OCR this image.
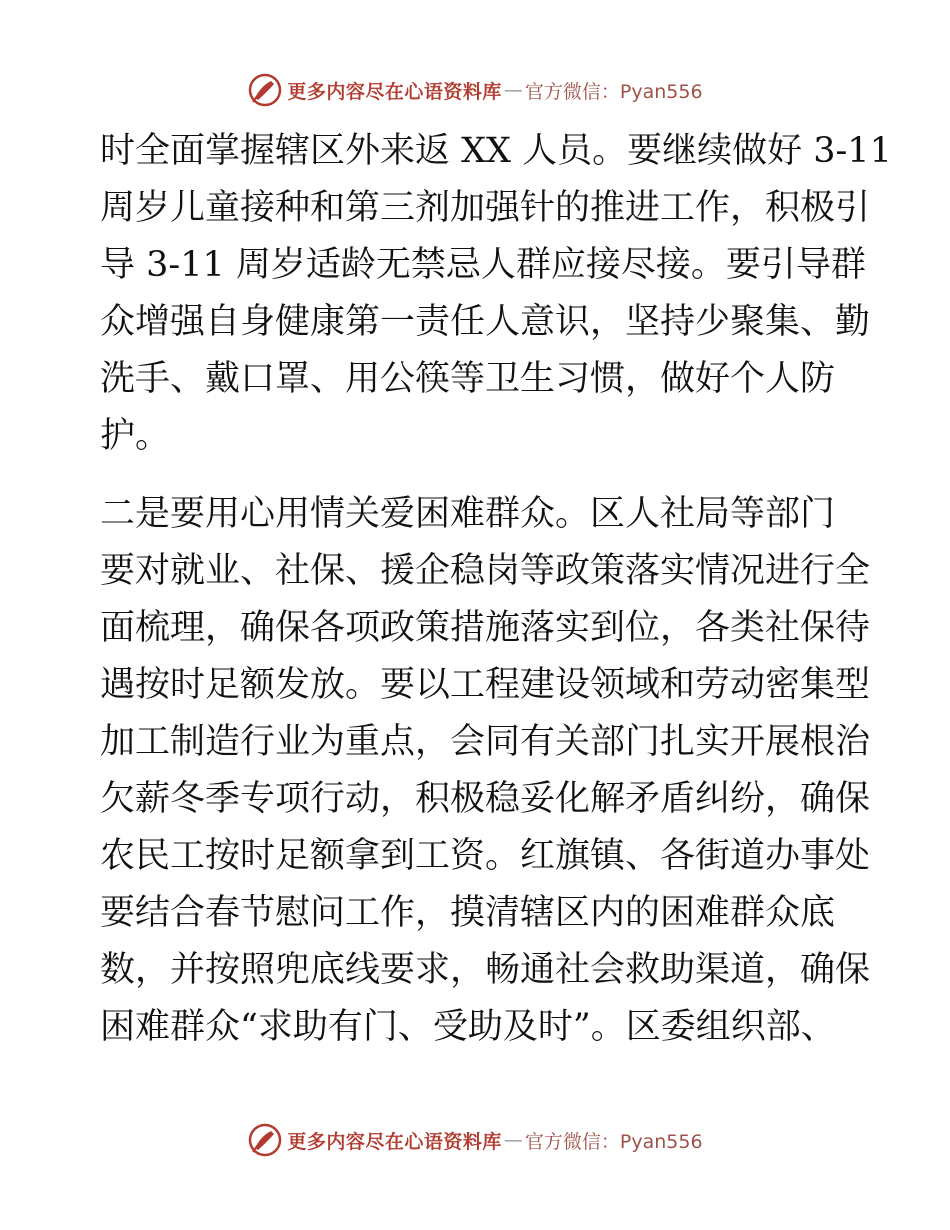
更多内容尽在心语资料库 — 官方微信：Pyan556
时全面掌握辖区外来返 XX 人员。要继续做好 3-11
周岁儿童接种和第三剂加强针的推进工作，积极引
导 3-11 周岁适龄无禁忌人群应接尽接。要引导群
众增强自身健康第一责任人意识，坚持少聚集、勤
洗手、戴口罩、用公筷等卫生习惯，做好个人防
护。
二是要用心用情关爱困难群众。区人社局等部门
要对就业、社保、援企稳岗等政策落实情况进行全
面梳理，确保各项政策措施落实到位，各类社保待
遇按时足额发放。要以工程建设领域和劳动密集型
加工制造行业为重点，会同有关部门扎实开展根治
欠薪冬季专项行动，积极稳妥化解矛盾纠纷，确保
农民工按时足额拿到工资。红旗镇、各街道办事处
要结合春节慰问工作，摸清辖区内的困难群众底
数，并按照兜底线要求，畅通社会救助渠道，确保
困难群众“求助有门、受助及时”。区委组织部、
更多内容尽在心语资料库 — 官方微信：Pyan556
